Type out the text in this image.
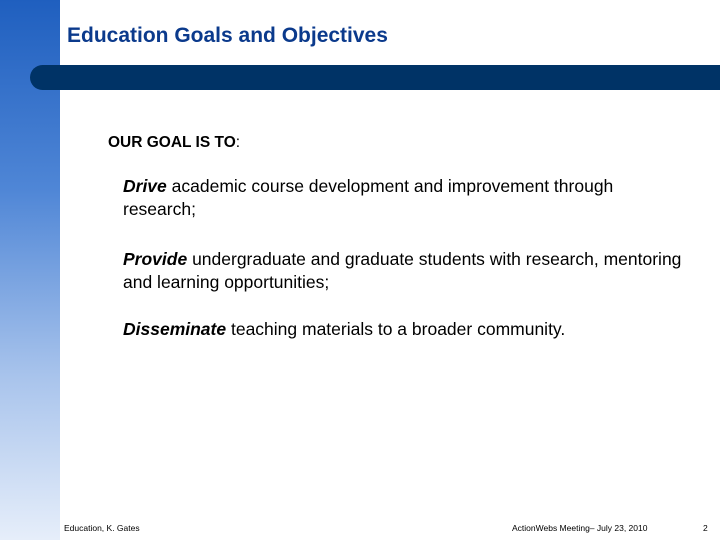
Education Goals and Objectives
OUR GOAL IS TO:
Drive academic course development and improvement through research;
Provide undergraduate and graduate students with research, mentoring and learning opportunities;
Disseminate teaching materials to a broader community.
Education, K. Gates	ActionWebs Meeting– July 23, 2010	2
